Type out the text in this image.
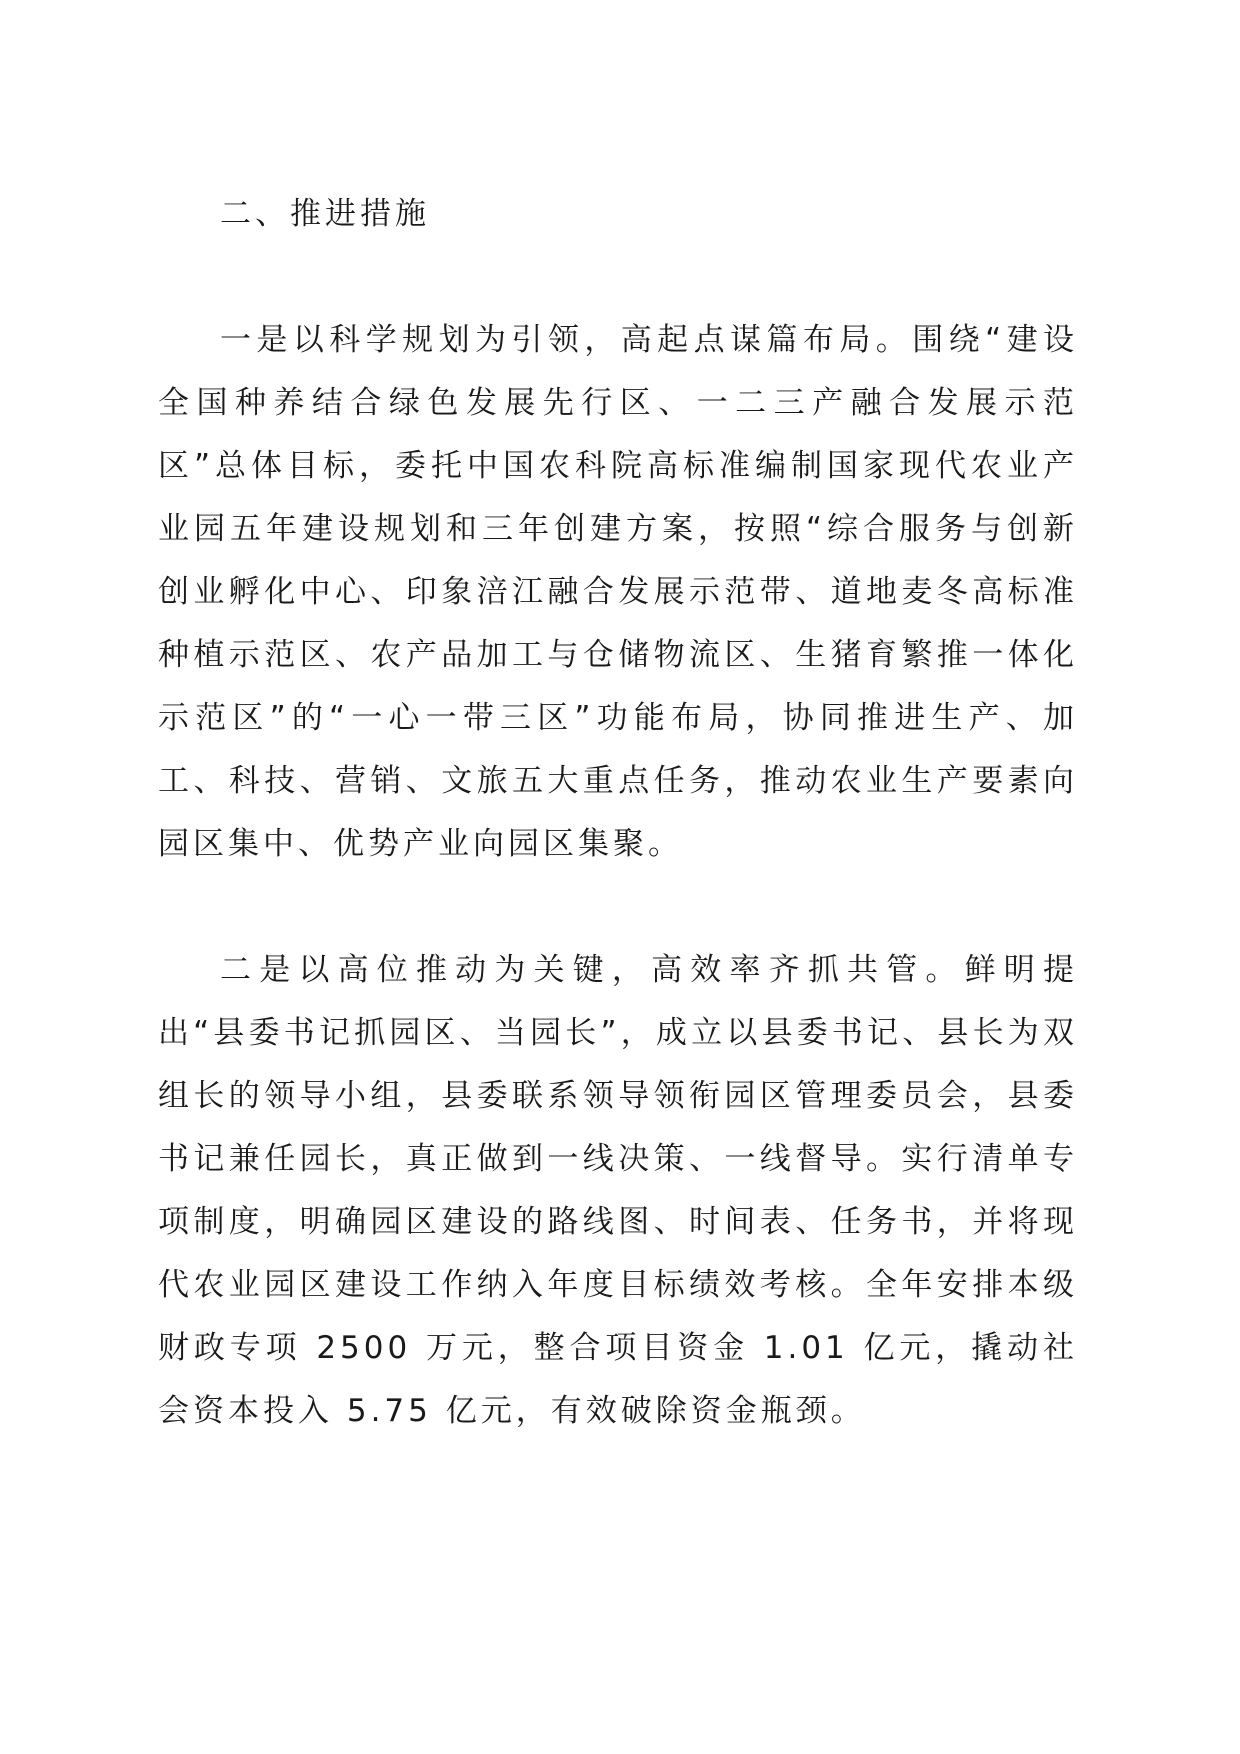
二、推进措施

一是以科学规划为引领，高起点谋篇布局。围绕“建设全国种养结合绿色发展先行区、一二三产融合发展示范区”总体目标，委托中国农科院高标准编制国家现代农业产业园五年建设规划和三年创建方案，按照“综合服务与创新创业孵化中心、印象涪江融合发展示范带、道地麦冬高标准种植示范区、农产品加工与仓储物流区、生猪育繁推一体化示范区”的“一心一带三区”功能布局，协同推进生产、加工、科技、营销、文旅五大重点任务，推动农业生产要素向园区集中、优势产业向园区集聚。

二是以高位推动为关键，高效率齐抓共管。鲜明提出“县委书记抓园区、当园长”，成立以县委书记、县长为双组长的领导小组，县委联系领导领衔园区管理委员会，县委书记兼任园长，真正做到一线决策、一线督导。实行清单专项制度，明确园区建设的路线图、时间表、任务书，并将现代农业园区建设工作纳入年度目标绩效考核。全年安排本级财政专项 2500 万元，整合项目资金 1.01 亿元，撬动社会资本投入 5.75 亿元，有效破除资金瓶颈。
